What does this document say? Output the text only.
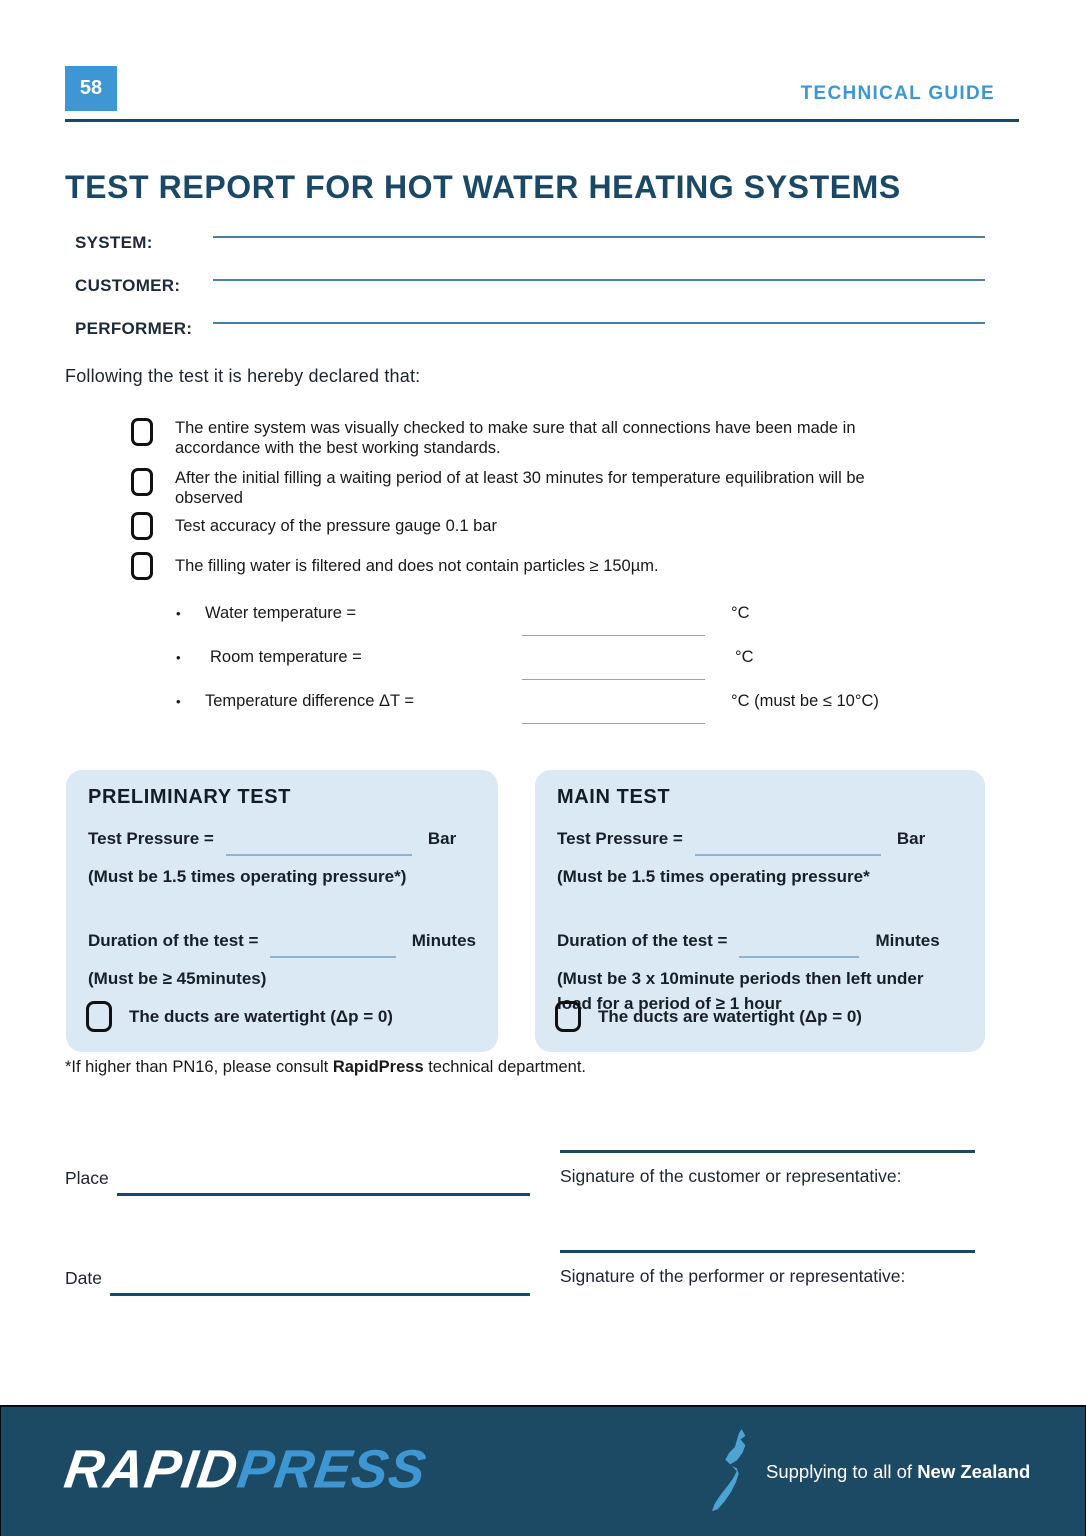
58	TECHNICAL GUIDE
TEST REPORT FOR HOT WATER HEATING SYSTEMS
SYSTEM:
CUSTOMER:
PERFORMER:
Following the test it is hereby declared that:
The entire system was visually checked to make sure that all connections have been made in accordance with the best working standards.
After the initial filling a waiting period of at least 30 minutes for temperature equilibration will be observed
Test accuracy of the pressure gauge 0.1 bar
The filling water is filtered and does not contain particles ≥ 150µm.
•	Water temperature =	°C
•	Room temperature =	°C
•	Temperature difference ΔT =	°C (must be ≤ 10°C)
PRELIMINARY TEST
Test Pressure =	Bar
(Must be 1.5 times operating pressure*)
Duration of the test =	Minutes
(Must be ≥ 45minutes)
The ducts are watertight (Δp = 0)
MAIN TEST
Test Pressure =	Bar
(Must be 1.5 times operating pressure*
Duration of the test =	Minutes
(Must be 3 x 10minute periods then left under load for a period of ≥ 1 hour
The ducts are watertight (Δp = 0)
*If higher than PN16, please consult RapidPress technical department.
Place	Signature of the customer or representative:
Date	Signature of the performer or representative:
RAPIDPRESS	Supplying to all of New Zealand
